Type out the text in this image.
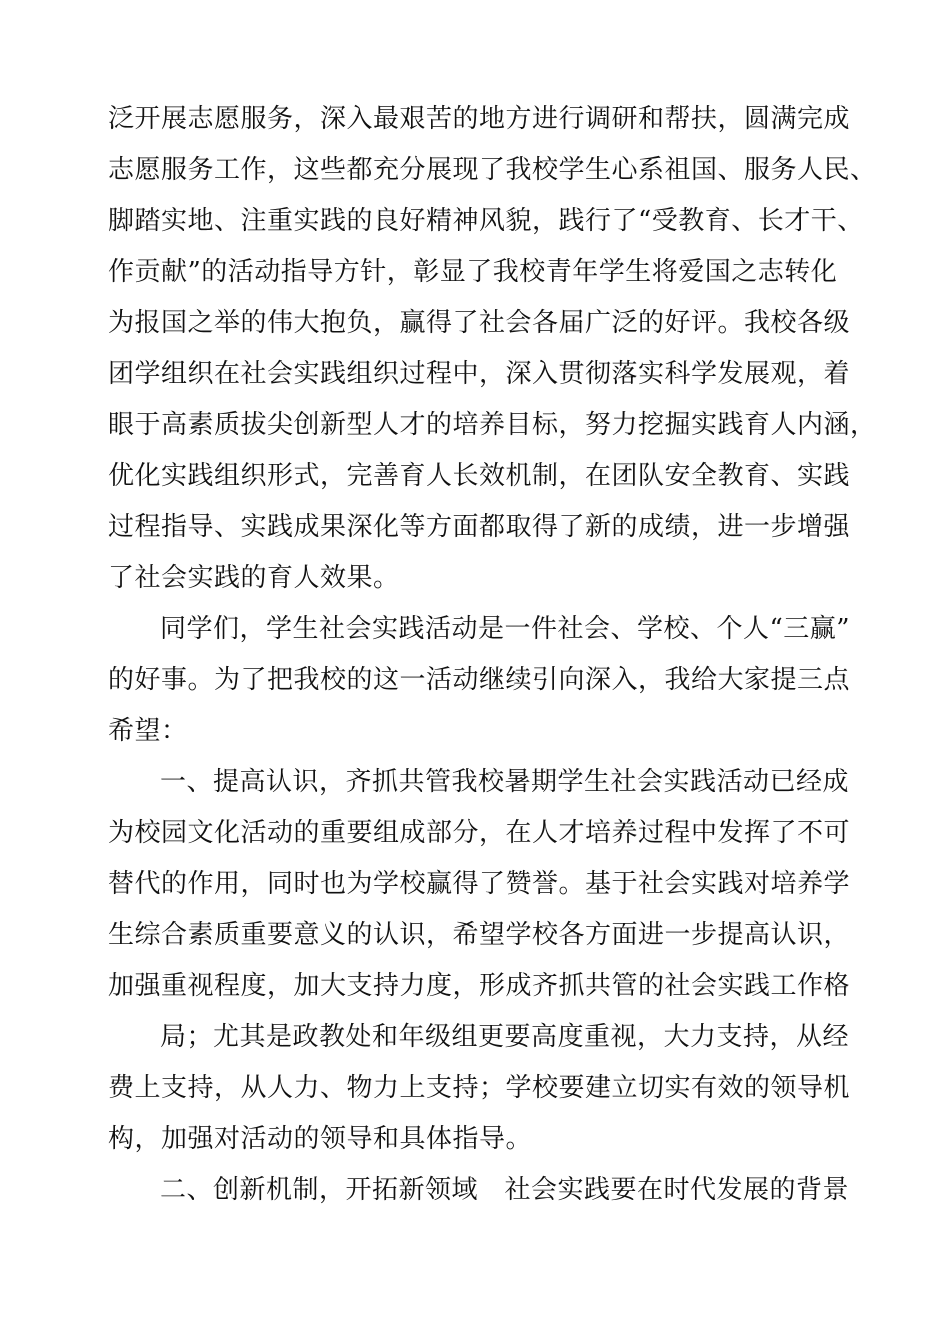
泛开展志愿服务，深入最艰苦的地方进行调研和帮扶，圆满完成
志愿服务工作，这些都充分展现了我校学生心系祖国、服务人民、
脚踏实地、注重实践的良好精神风貌，践行了“受教育、长才干、
作贡献”的活动指导方针，彰显了我校青年学生将爱国之志转化
为报国之举的伟大抱负，赢得了社会各届广泛的好评。我校各级
团学组织在社会实践组织过程中，深入贯彻落实科学发展观，着
眼于高素质拔尖创新型人才的培养目标，努力挖掘实践育人内涵，
优化实践组织形式，完善育人长效机制，在团队安全教育、实践
过程指导、实践成果深化等方面都取得了新的成绩，进一步增强
了社会实践的育人效果。
同学们，学生社会实践活动是一件社会、学校、个人“三赢”
的好事。为了把我校的这一活动继续引向深入，我给大家提三点
希望：
一、提高认识，齐抓共管我校暑期学生社会实践活动已经成
为校园文化活动的重要组成部分，在人才培养过程中发挥了不可
替代的作用，同时也为学校赢得了赞誉。基于社会实践对培养学
生综合素质重要意义的认识，希望学校各方面进一步提高认识，
加强重视程度，加大支持力度，形成齐抓共管的社会实践工作格
局；尤其是政教处和年级组更要高度重视，大力支持，从经
费上支持，从人力、物力上支持；学校要建立切实有效的领导机
构，加强对活动的领导和具体指导。
二、创新机制，开拓新领域　社会实践要在时代发展的背景
